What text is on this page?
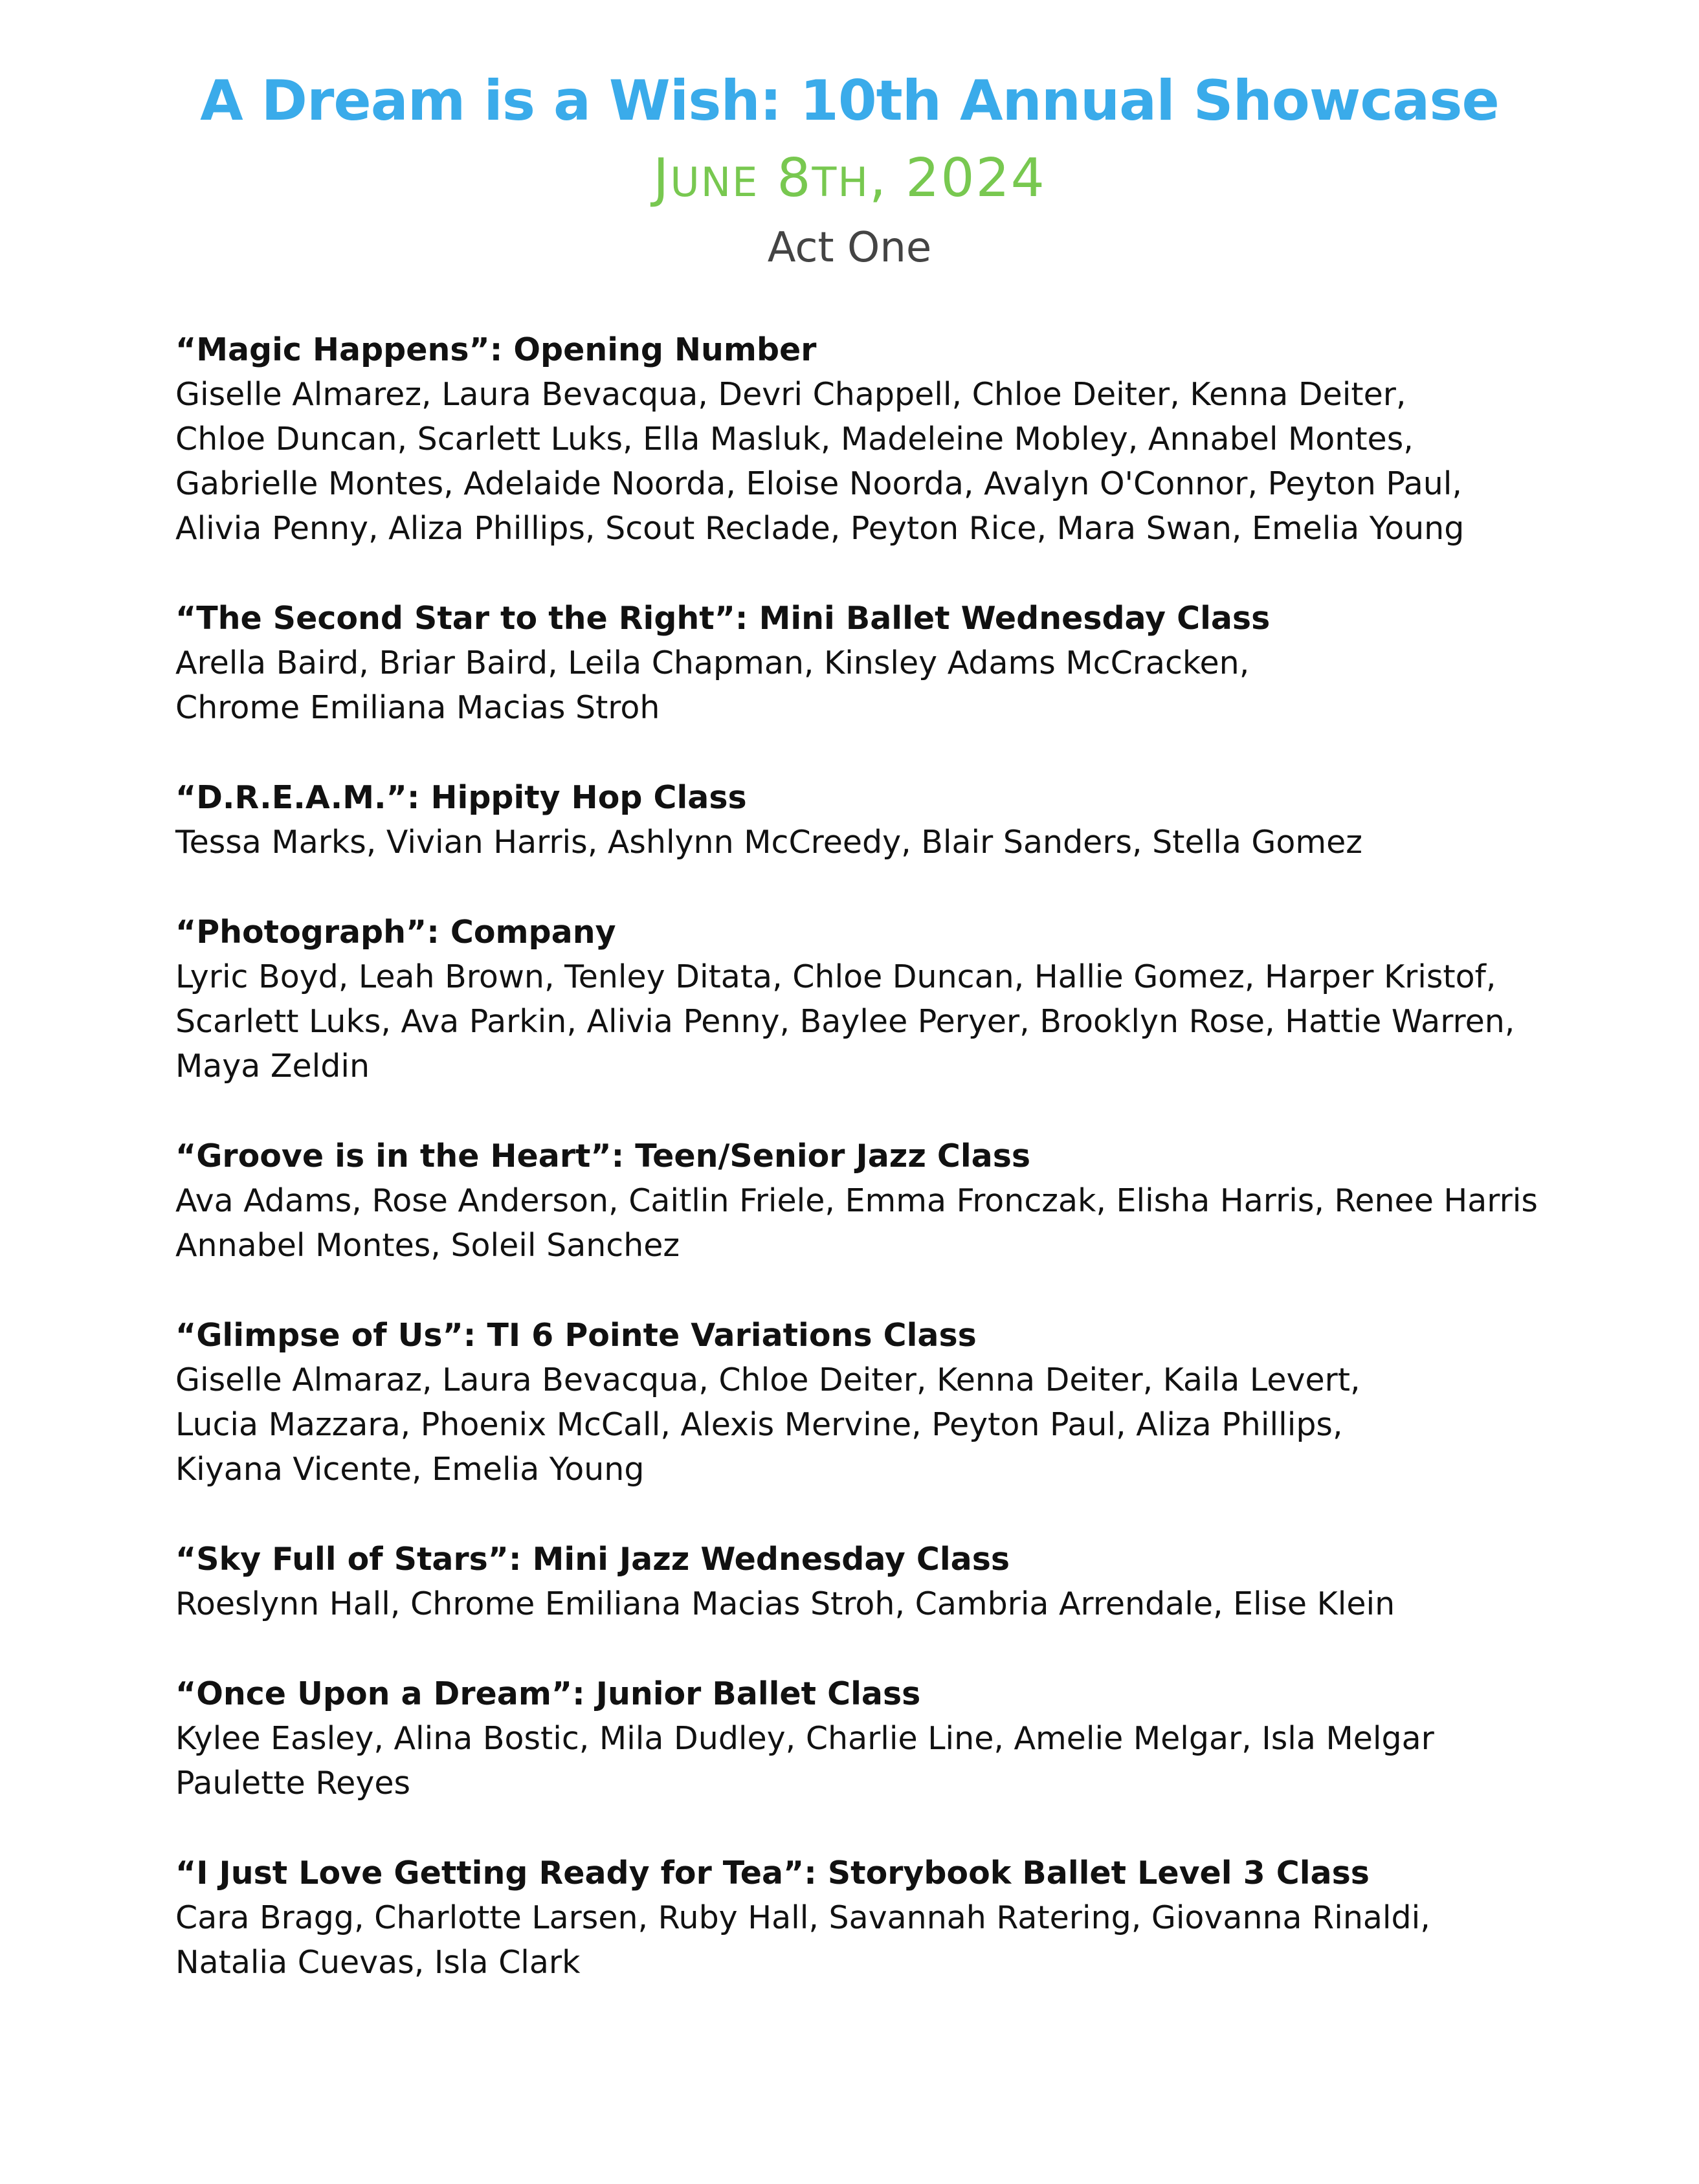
A Dream is a Wish: 10th Annual Showcase
JUNE 8TH, 2024
Act One
“Magic Happens”: Opening Number
Giselle Almarez, Laura Bevacqua, Devri Chappell, Chloe Deiter, Kenna Deiter,
Chloe Duncan, Scarlett Luks, Ella Masluk, Madeleine Mobley, Annabel Montes,
Gabrielle Montes, Adelaide Noorda, Eloise Noorda, Avalyn O'Connor, Peyton Paul,
Alivia Penny, Aliza Phillips, Scout Reclade, Peyton Rice, Mara Swan, Emelia Young
“The Second Star to the Right”: Mini Ballet Wednesday Class
Arella Baird, Briar Baird, Leila Chapman, Kinsley Adams McCracken,
Chrome Emiliana Macias Stroh
“D.R.E.A.M.”: Hippity Hop Class
Tessa Marks, Vivian Harris, Ashlynn McCreedy, Blair Sanders, Stella Gomez
“Photograph”: Company
Lyric Boyd, Leah Brown, Tenley Ditata, Chloe Duncan, Hallie Gomez, Harper Kristof,
Scarlett Luks, Ava Parkin, Alivia Penny, Baylee Peryer, Brooklyn Rose, Hattie Warren,
Maya Zeldin
“Groove is in the Heart”: Teen/Senior Jazz Class
Ava Adams, Rose Anderson, Caitlin Friele, Emma Fronczak, Elisha Harris, Renee Harris
Annabel Montes, Soleil Sanchez
“Glimpse of Us”: TI 6 Pointe Variations Class
Giselle Almaraz, Laura Bevacqua, Chloe Deiter, Kenna Deiter, Kaila Levert,
Lucia Mazzara, Phoenix McCall, Alexis Mervine, Peyton Paul, Aliza Phillips,
Kiyana Vicente, Emelia Young
“Sky Full of Stars”: Mini Jazz Wednesday Class
Roeslynn Hall, Chrome Emiliana Macias Stroh, Cambria Arrendale, Elise Klein
“Once Upon a Dream”: Junior Ballet Class
Kylee Easley, Alina Bostic, Mila Dudley, Charlie Line, Amelie Melgar, Isla Melgar
Paulette Reyes
“I Just Love Getting Ready for Tea”: Storybook Ballet Level 3 Class
Cara Bragg, Charlotte Larsen, Ruby Hall, Savannah Ratering, Giovanna Rinaldi,
Natalia Cuevas, Isla Clark
